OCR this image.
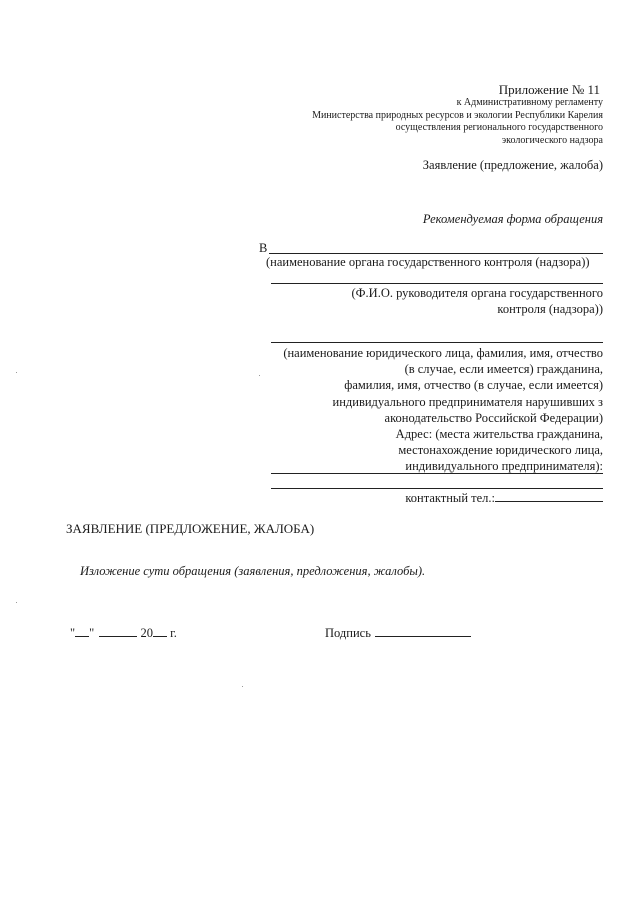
Приложение № 11
к Административному регламенту
Министерства природных ресурсов и экологии Республики Карелия
осуществления регионального государственного
экологического надзора
Заявление (предложение, жалоба)
Рекомендуемая форма обращения
В
(наименование органа государственного контроля (надзора))
(Ф.И.О. руководителя органа государственного
контроля (надзора))
(наименование юридического лица, фамилия, имя, отчество
(в случае, если имеется) гражданина,
фамилия, имя, отчество (в случае, если имеется)
индивидуального предпринимателя нарушивших з
аконодательство Российской Федерации)
Адрес: (места жительства гражданина,
местонахождение юридического лица,
индивидуального предпринимателя):
контактный тел.:
ЗАЯВЛЕНИЕ (ПРЕДЛОЖЕНИЕ, ЖАЛОБА)
Изложение сути обращения (заявления, предложения, жалобы).
" "	20 г.	Подпись
